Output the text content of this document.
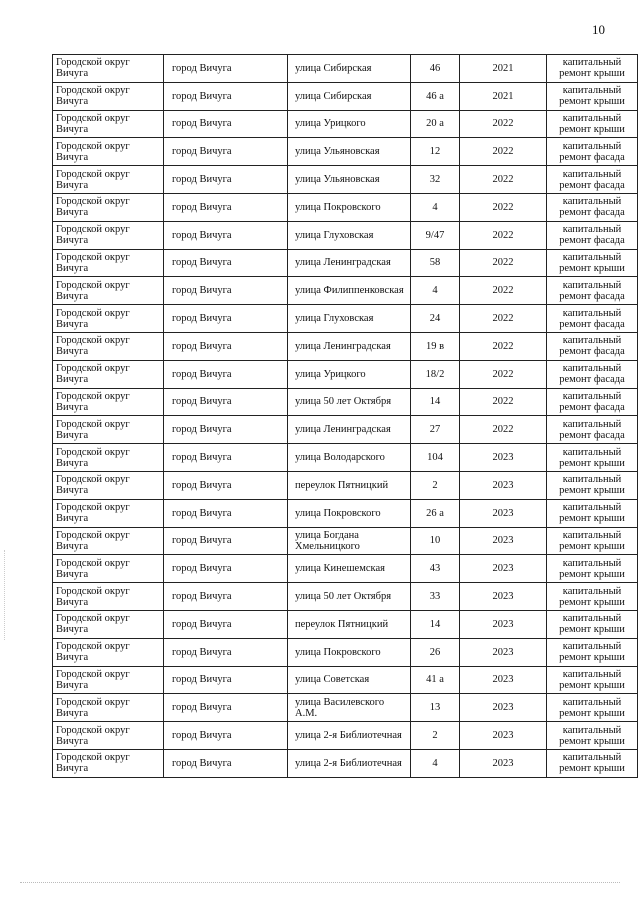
10
Городской округ Вичуга	город Вичуга	улица Сибирская	46	2021	капитальный ремонт крыши
Городской округ Вичуга	город Вичуга	улица Сибирская	46 а	2021	капитальный ремонт крыши
Городской округ Вичуга	город Вичуга	улица Урицкого	20 а	2022	капитальный ремонт крыши
Городской округ Вичуга	город Вичуга	улица Ульяновская	12	2022	капитальный ремонт фасада
Городской округ Вичуга	город Вичуга	улица Ульяновская	32	2022	капитальный ремонт фасада
Городской округ Вичуга	город Вичуга	улица Покровского	4	2022	капитальный ремонт фасада
Городской округ Вичуга	город Вичуга	улица Глуховская	9/47	2022	капитальный ремонт фасада
Городской округ Вичуга	город Вичуга	улица Ленинградская	58	2022	капитальный ремонт крыши
Городской округ Вичуга	город Вичуга	улица Филиппенковская	4	2022	капитальный ремонт фасада
Городской округ Вичуга	город Вичуга	улица Глуховская	24	2022	капитальный ремонт фасада
Городской округ Вичуга	город Вичуга	улица Ленинградская	19 в	2022	капитальный ремонт фасада
Городской округ Вичуга	город Вичуга	улица Урицкого	18/2	2022	капитальный ремонт фасада
Городской округ Вичуга	город Вичуга	улица 50 лет Октября	14	2022	капитальный ремонт фасада
Городской округ Вичуга	город Вичуга	улица Ленинградская	27	2022	капитальный ремонт фасада
Городской округ Вичуга	город Вичуга	улица Володарского	104	2023	капитальный ремонт крыши
Городской округ Вичуга	город Вичуга	переулок Пятницкий	2	2023	капитальный ремонт крыши
Городской округ Вичуга	город Вичуга	улица Покровского	26 а	2023	капитальный ремонт крыши
Городской округ Вичуга	город Вичуга	улица Богдана Хмельницкого	10	2023	капитальный ремонт крыши
Городской округ Вичуга	город Вичуга	улица Кинешемская	43	2023	капитальный ремонт крыши
Городской округ Вичуга	город Вичуга	улица 50 лет Октября	33	2023	капитальный ремонт крыши
Городской округ Вичуга	город Вичуга	переулок Пятницкий	14	2023	капитальный ремонт крыши
Городской округ Вичуга	город Вичуга	улица Покровского	26	2023	капитальный ремонт крыши
Городской округ Вичуга	город Вичуга	улица Советская	41 а	2023	капитальный ремонт крыши
Городской округ Вичуга	город Вичуга	улица Василевского А.М.	13	2023	капитальный ремонт крыши
Городской округ Вичуга	город Вичуга	улица 2-я Библиотечная	2	2023	капитальный ремонт крыши
Городской округ Вичуга	город Вичуга	улица 2-я Библиотечная	4	2023	капитальный ремонт крыши
